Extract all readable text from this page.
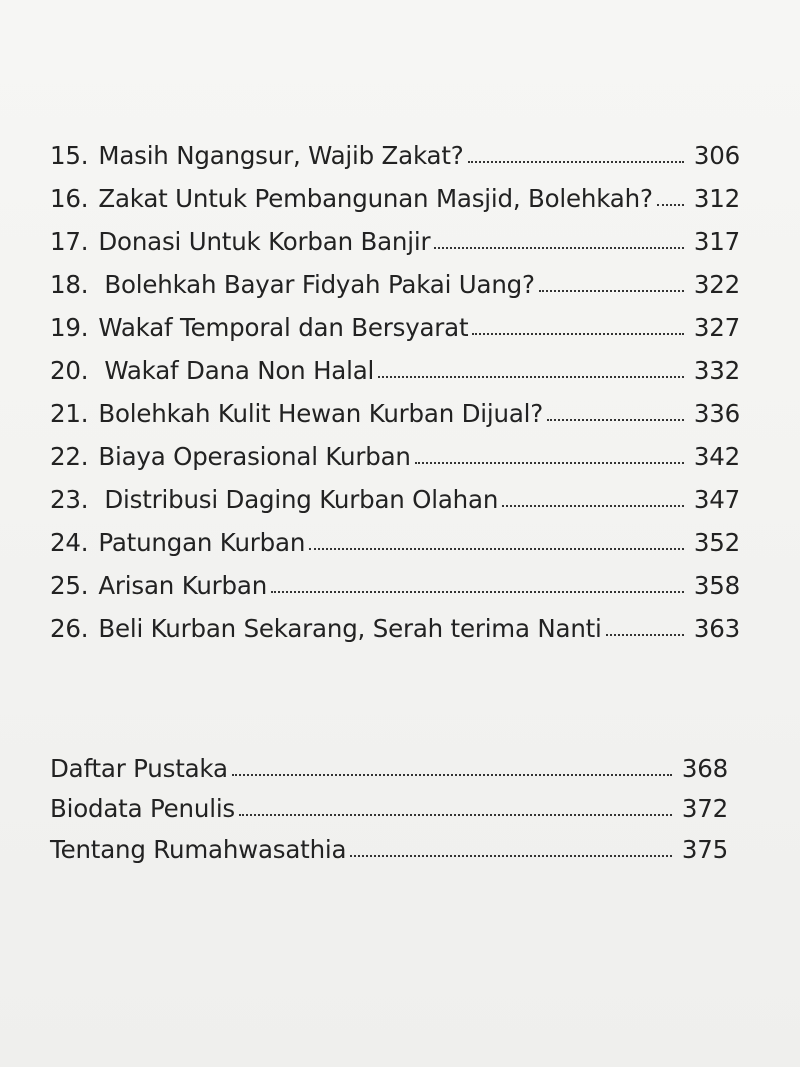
15. Masih Ngangsur, Wajib Zakat?	306
16. Zakat Untuk Pembangunan Masjid, Bolehkah? 312
17. Donasi Untuk Korban Banjir	317
18. Bolehkah Bayar Fidyah Pakai Uang?	322
19. Wakaf Temporal dan Bersyarat	327
20. Wakaf Dana Non Halal	332
21. Bolehkah Kulit Hewan Kurban Dijual?	336
22. Biaya Operasional Kurban	342
23. Distribusi Daging Kurban Olahan	347
24. Patungan Kurban	352
25. Arisan Kurban	358
26. Beli Kurban Sekarang, Serah terima Nanti	363
Daftar Pustaka	368
Biodata Penulis	372
Tentang Rumahwasathia	375
